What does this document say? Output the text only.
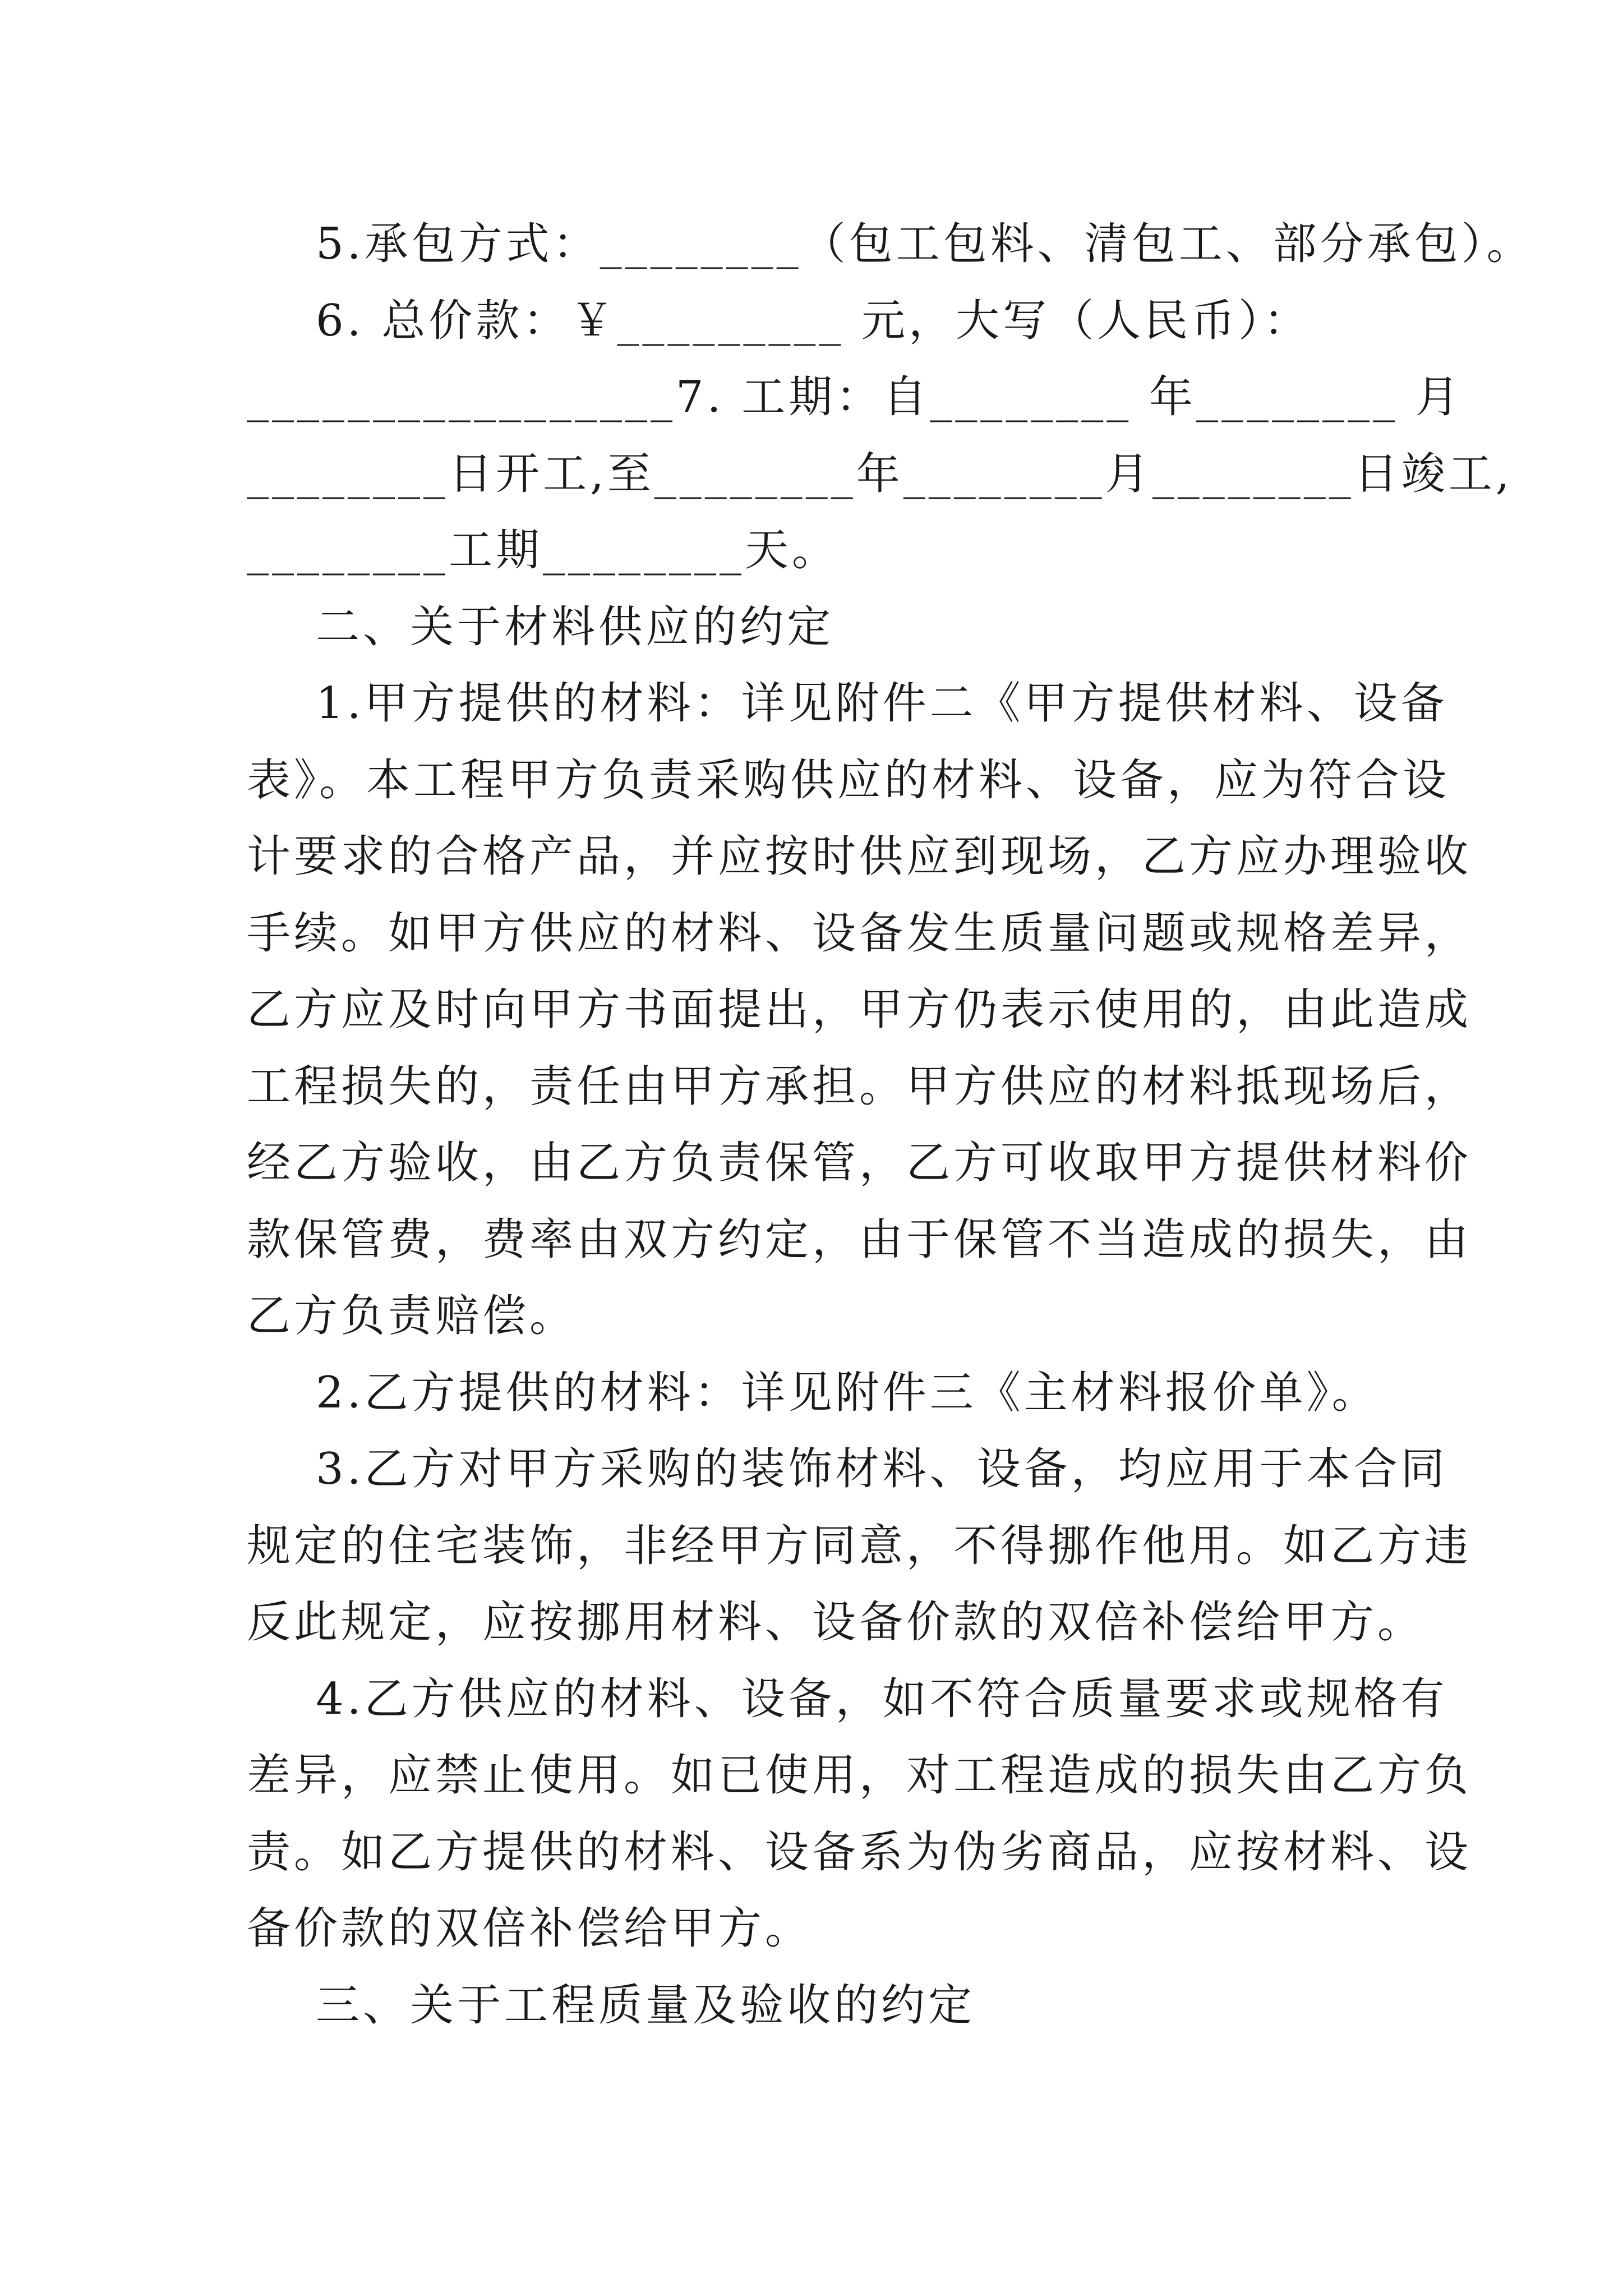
5.承包方式：________（包工包料、清包工、部分承包）。
6. 总价款：￥_________ 元，大写（人民币）：
_________________7. 工期：自________ 年________ 月
________日开工,至________年________月________日竣工,
________工期________天。
二、关于材料供应的约定
1.甲方提供的材料：详见附件二《甲方提供材料、设备
表》。本工程甲方负责采购供应的材料、设备，应为符合设
计要求的合格产品，并应按时供应到现场，乙方应办理验收
手续。如甲方供应的材料、设备发生质量问题或规格差异，
乙方应及时向甲方书面提出，甲方仍表示使用的，由此造成
工程损失的，责任由甲方承担。甲方供应的材料抵现场后，
经乙方验收，由乙方负责保管，乙方可收取甲方提供材料价
款保管费，费率由双方约定，由于保管不当造成的损失，由
乙方负责赔偿。
2.乙方提供的材料：详见附件三《主材料报价单》。
3.乙方对甲方采购的装饰材料、设备，均应用于本合同
规定的住宅装饰，非经甲方同意，不得挪作他用。如乙方违
反此规定，应按挪用材料、设备价款的双倍补偿给甲方。
4.乙方供应的材料、设备，如不符合质量要求或规格有
差异，应禁止使用。如已使用，对工程造成的损失由乙方负
责。如乙方提供的材料、设备系为伪劣商品，应按材料、设
备价款的双倍补偿给甲方。
三、关于工程质量及验收的约定
